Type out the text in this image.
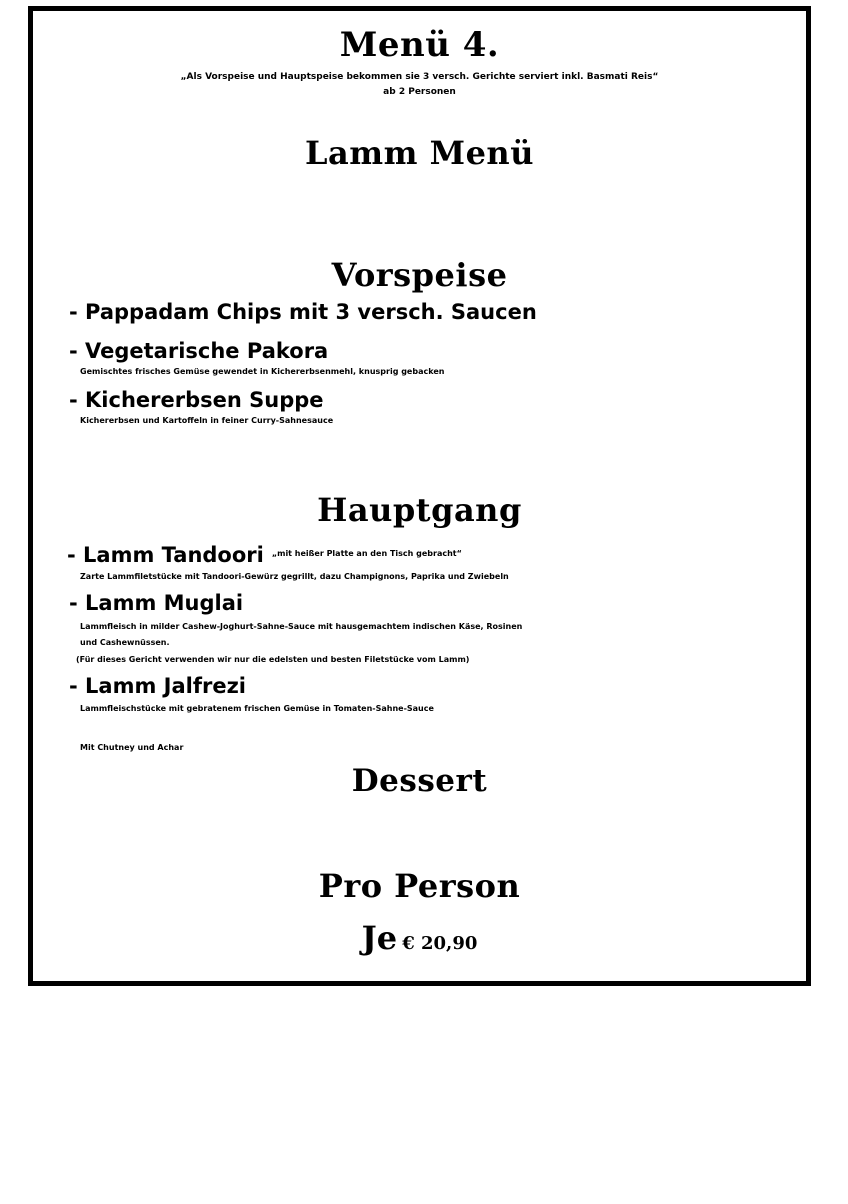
Menü 4.
„Als Vorspeise und Hauptspeise bekommen sie 3 versch. Gerichte serviert inkl. Basmati Reis“
ab 2 Personen
Lamm Menü
Vorspeise
- Pappadam Chips mit 3 versch. Saucen
- Vegetarische Pakora
Gemischtes frisches Gemüse gewendet in Kichererbsenmehl, knusprig gebacken
- Kichererbsen Suppe
Kichererbsen und Kartoffeln in feiner Curry-Sahnesauce
Hauptgang
- Lamm Tandoori $^{„mit heißer Platte an den Tisch gebracht“}$
Zarte Lammfiletstücke mit Tandoori-Gewürz gegrillt, dazu Champignons, Paprika und Zwiebeln
- Lamm Muglai
Lammfleisch in milder Cashew-Joghurt-Sahne-Sauce mit hausgemachtem indischen Käse, Rosinen
und Cashewnüssen.
(Für dieses Gericht verwenden wir nur die edelsten und besten Filetstücke vom Lamm)
- Lamm Jalfrezi
Lammfleischstücke mit gebratenem frischen Gemüse in Tomaten-Sahne-Sauce
Mit Chutney und Achar
Dessert
Pro Person
Je € 20,90
